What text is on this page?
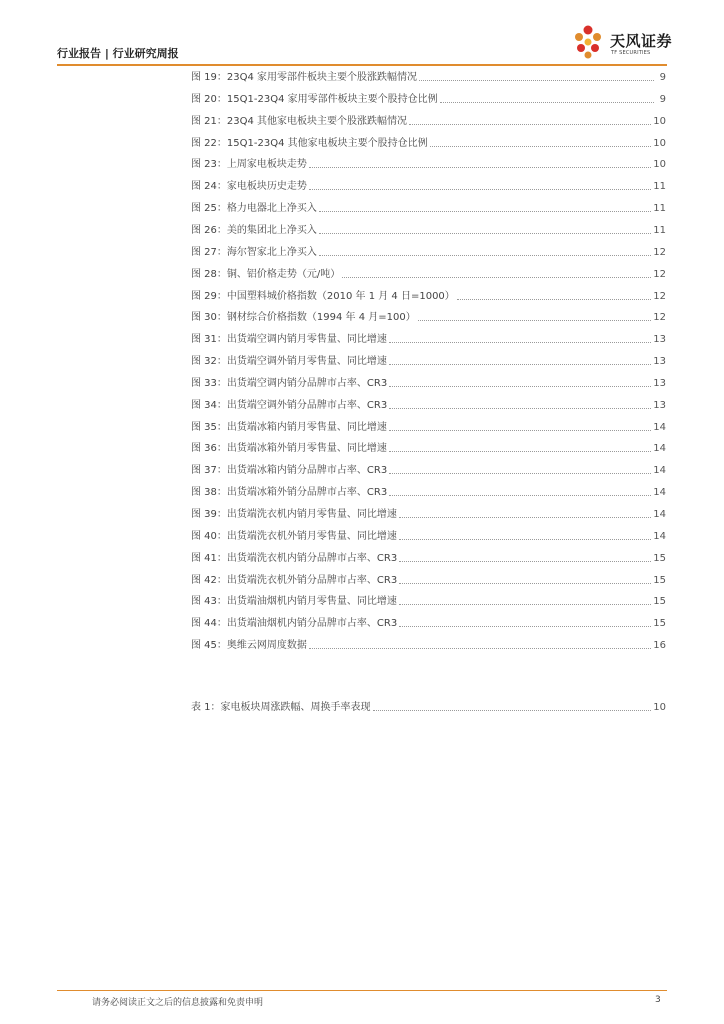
行业报告 | 行业研究周报
天风证券
TF SECURITIES
图 19：23Q4 家用零部件板块主要个股涨跌幅情况	9
图 20：15Q1-23Q4 家用零部件板块主要个股持仓比例	9
图 21：23Q4 其他家电板块主要个股涨跌幅情况	10
图 22：15Q1-23Q4 其他家电板块主要个股持仓比例	10
图 23：上周家电板块走势	10
图 24：家电板块历史走势	11
图 25：格力电器北上净买入	11
图 26：美的集团北上净买入	11
图 27：海尔智家北上净买入	12
图 28：铜、铝价格走势（元/吨）	12
图 29：中国塑料城价格指数（2010 年 1 月 4 日=1000）	12
图 30：钢材综合价格指数（1994 年 4 月=100）	12
图 31：出货端空调内销月零售量、同比增速	13
图 32：出货端空调外销月零售量、同比增速	13
图 33：出货端空调内销分品牌市占率、CR3	13
图 34：出货端空调外销分品牌市占率、CR3	13
图 35：出货端冰箱内销月零售量、同比增速	14
图 36：出货端冰箱外销月零售量、同比增速	14
图 37：出货端冰箱内销分品牌市占率、CR3	14
图 38：出货端冰箱外销分品牌市占率、CR3	14
图 39：出货端洗衣机内销月零售量、同比增速	14
图 40：出货端洗衣机外销月零售量、同比增速	14
图 41：出货端洗衣机内销分品牌市占率、CR3	15
图 42：出货端洗衣机外销分品牌市占率、CR3	15
图 43：出货端油烟机内销月零售量、同比增速	15
图 44：出货端油烟机内销分品牌市占率、CR3	15
图 45：奥维云网周度数据	16
表 1：家电板块周涨跌幅、周换手率表现	10
请务必阅读正文之后的信息披露和免责申明	3
